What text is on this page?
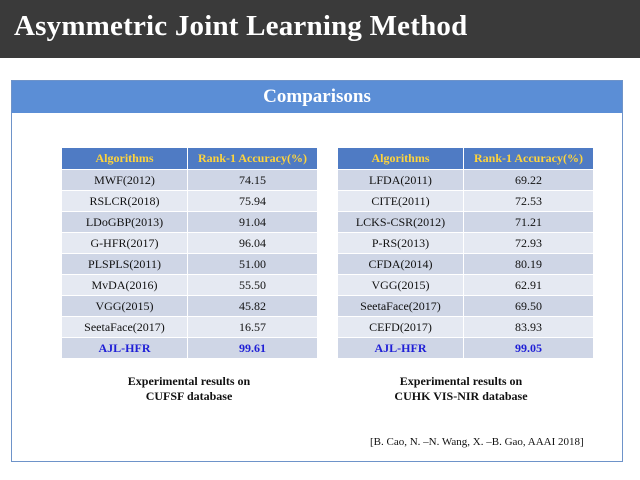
Asymmetric Joint Learning Method
Comparisons
Algorithms	Rank-1 Accuracy(%)
MWF(2012)	74.15
RSLCR(2018)	75.94
LDoGBP(2013)	91.04
G-HFR(2017)	96.04
PLSPLS(2011)	51.00
MvDA(2016)	55.50
VGG(2015)	45.82
SeetaFace(2017)	16.57
AJL-HFR	99.61
Algorithms	Rank-1 Accuracy(%)
LFDA(2011)	69.22
CITE(2011)	72.53
LCKS-CSR(2012)	71.21
P-RS(2013)	72.93
CFDA(2014)	80.19
VGG(2015)	62.91
SeetaFace(2017)	69.50
CEFD(2017)	83.93
AJL-HFR	99.05
Experimental results on
CUFSF database
Experimental results on
CUHK VIS-NIR database
[B. Cao, N. –N. Wang, X. –B. Gao, AAAI 2018]
